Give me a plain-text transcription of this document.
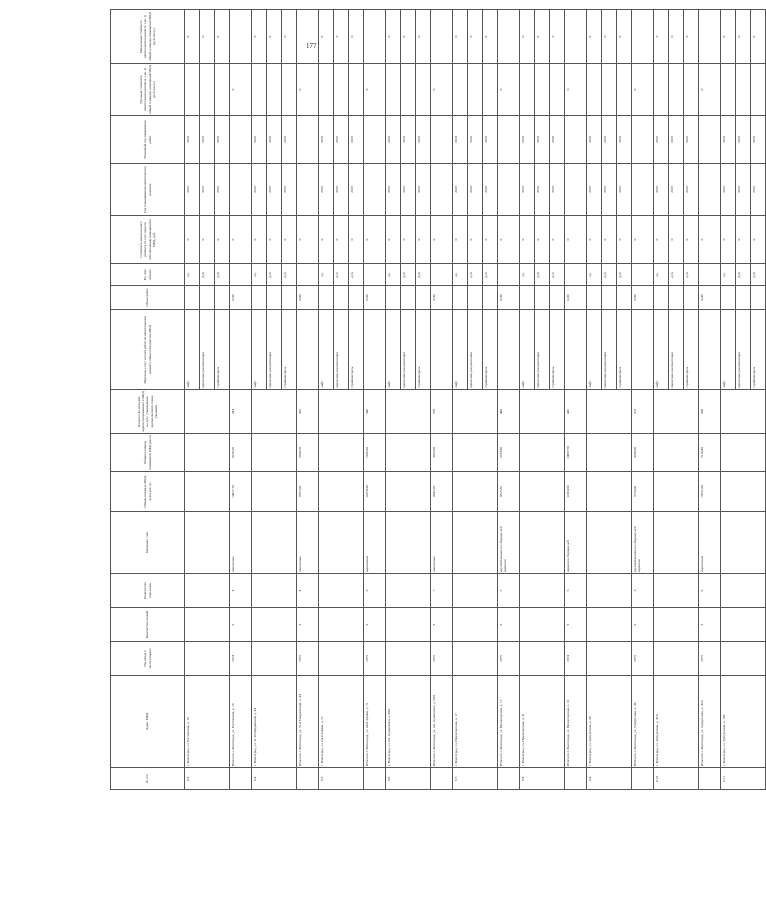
177
№ п/п	Адрес МКД	Год ввода в эксплуатацию	Количество этажей	Количество подъездов	Материал стен	Общая площадь МКД, всего (кв. м)	Общая площадь помещений МКД (кв.м)	Количество жителей, зарегистрированных в МКД на дату утверждения краткосрочного плана (человек)	Перечень услуг и (или) работ по капитальному ремонту общего имущества МКД	Объем работ	Ед. изм. объема	Стоимость капитального ремонта за счет средств собственников помещений в МКД, руб.	Год планирования капитального ремонта	Плановый год завершения работ	Удельная стоимость капитального ремонта 1 кв. м общей площади помещений МКД (руб./кв.м.)	Предельная стоимость капитального ремонта 1 кв. м общей площади помещений МКД (руб./кв.м.)
6.3.	г. Волгоград, ул. Ростовская, д. 19								лифт		ед.	0	2019	2019		0
									проектная документация		руб.	0	2019	2019		0
									стройконтроль		руб.	0	2019	2019		0
	Итого по г. Волгоград, ул. Ростовская, д. 19	1974	9	4	панельные	10417,70	8150,29	344		0,00		0			0	
6.4.	г. Волгоград, ул. 51-й Гвардейской, д. 44								лифт		ед.	0	2019	2019		0
									проектная документация		руб.	0	2019	2019		0
									стройконтроль		руб.	0	2019	2019		0
	Итого по г. Волгоград, ул. 51-й Гвардейской, д. 44	1975	9	4	панельные	8797,08	7630,78	335		0,00		0			0	
6.5.	г. Волгоград, ул. 64-й Армии, д. 71								лифт		ед.	0	2019	2019		0
									проектная документация		руб.	0	2019	2019		0
									стройконтроль		руб.	0	2019	2019		0
	Итого по г. Волгоград, ул. 64-й Армии, д. 71	1975	9	6	кирпичные	11070,30	7299,20	546		0,00		0			0	
6.6.	г. Волгоград, ул. им. Одоевского, д. 68А								лифт		ед.	0	2019	2019		0
									проектная документация		руб.	0	2019	2019		0
									стройконтроль		руб.	0	2019	2019		0
	Итого по г. Волгоград, ул. им. Одоевского, д. 68А	1975	9	7	панельные	9642,20	3293,60	279		0,00		0			0	
6.7.	г. Волгоград, ул. Пролетарская, д. 17								лифт		ед.	0	2018	2018		0
									проектная документация		руб.	0	2018	2018		0
									стройконтроль		руб.	0	2018	2018		0
	Итого по г. Волгоград, ул. Пролетарская, д. 17	1975	9	5	крупноблочные из сборных ж/б каркасов	9815,32	5733,80	448		0,00		0			0	
6.8.	г. Волгоград, ул. Пролетарская, д. 31								лифт		ед.	0	2018	2018		0
									проектная документация		руб.	0	2018	2018		0
									стройконтроль		руб.	0	2018	2018		0
	Итого по г. Волгоград, ул. Пролетарская, д. 31	1974	9	5	каркасно-сборные ж/б	11453,90	10097,70	445		0,00		0			0	
6.9.	г. Волгоград, ул. Удмуртская, д. 38								лифт		ед.	0	2019	2019		0
									проектная документация		руб.	0	2019	2019		0
									стройконтроль		руб.	0	2019	2019		0
	Итого по г. Волгоград, ул. Удмуртская, д. 38	1975	9	3	крупноблочные из сборных ж/б каркасов	5776,00	3336,00	273		0,00		0			0	
6.10.	г. Волгоград, ул. Удмуртская, д. 47А								лифт		ед.	0	2019	2019		0
									проектная документация		руб.	0	2019	2019		0
									стройконтроль		руб.	0	2019	2019		0
	Итого по г. Волгоград, ул. Удмуртская, д. 47А	1975	9	6	кирпичные	10751,60	7218,40	208		0,00		0			0	
6.11.	г. Волгоград, ул. Удмуртская, д. 103								лифт		ед.	0	2019	2019		0
									проектная документация		руб.	0	2019	2019		0
									стройконтроль		руб.	0	2019	2019		0
